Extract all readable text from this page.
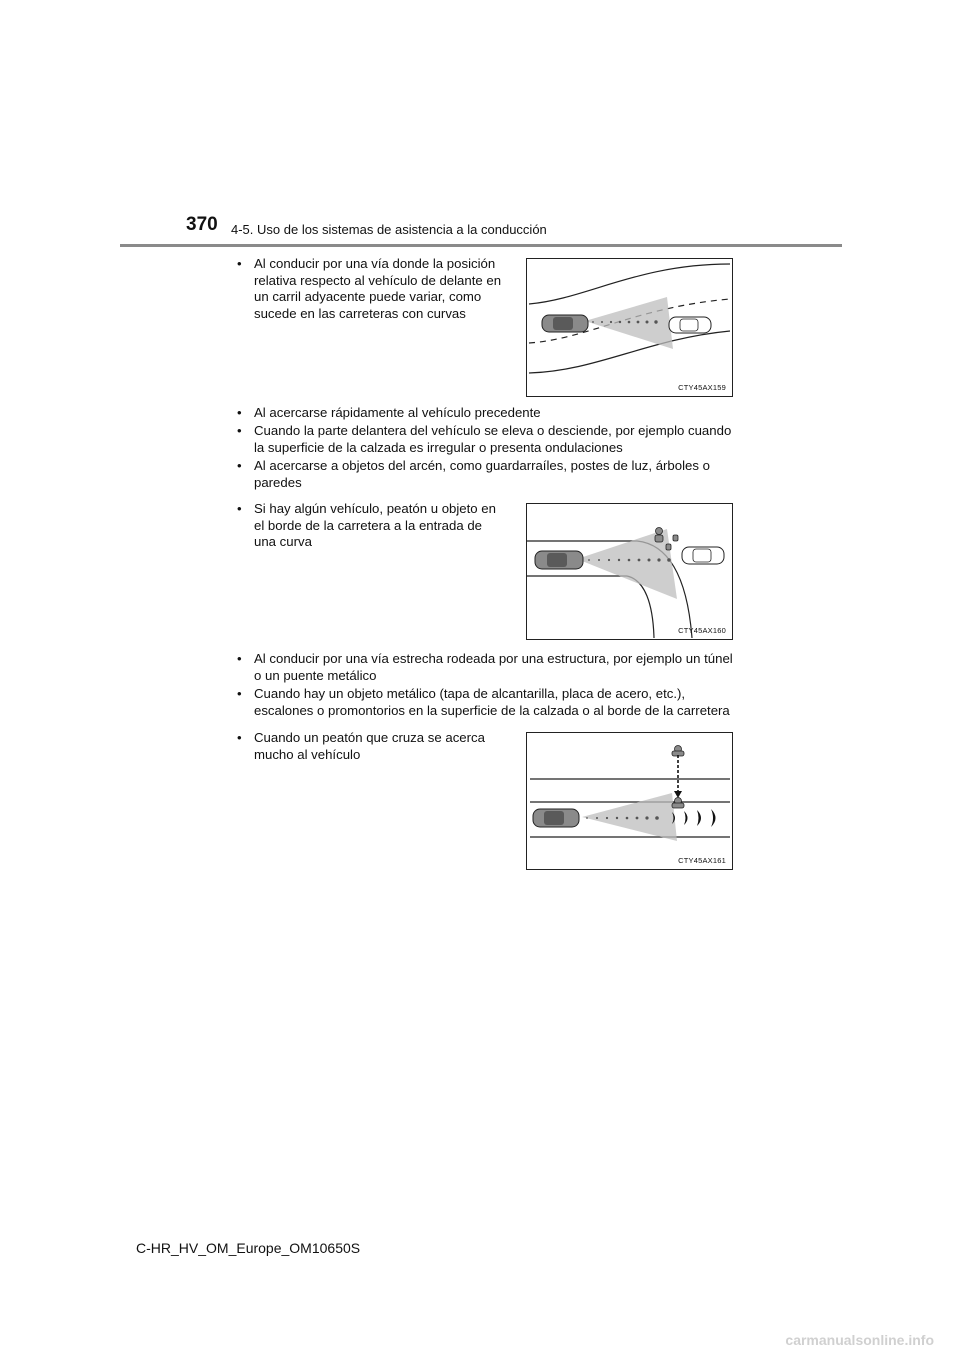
370 4-5. Uso de los sistemas de asistencia a la conducción
• Al conducir por una vía donde la posición
relativa respecto al vehículo de delante en
un carril adyacente puede variar, como
sucede en las carreteras con curvas
CTY45AX159
• Al acercarse rápidamente al vehículo precedente
• Cuando la parte delantera del vehículo se eleva o desciende, por ejemplo cuando
la superficie de la calzada es irregular o presenta ondulaciones
• Al acercarse a objetos del arcén, como guardarraíles, postes de luz, árboles o
paredes
• Si hay algún vehículo, peatón u objeto en
el borde de la carretera a la entrada de
una curva
CTY45AX160
• Al conducir por una vía estrecha rodeada por una estructura, por ejemplo un túnel
o un puente metálico
• Cuando hay un objeto metálico (tapa de alcantarilla, placa de acero, etc.),
escalones o promontorios en la superficie de la calzada o al borde de la carretera
• Cuando un peatón que cruza se acerca
mucho al vehículo
CTY45AX161
C-HR_HV_OM_Europe_OM10650S
carmanualsonline.info
